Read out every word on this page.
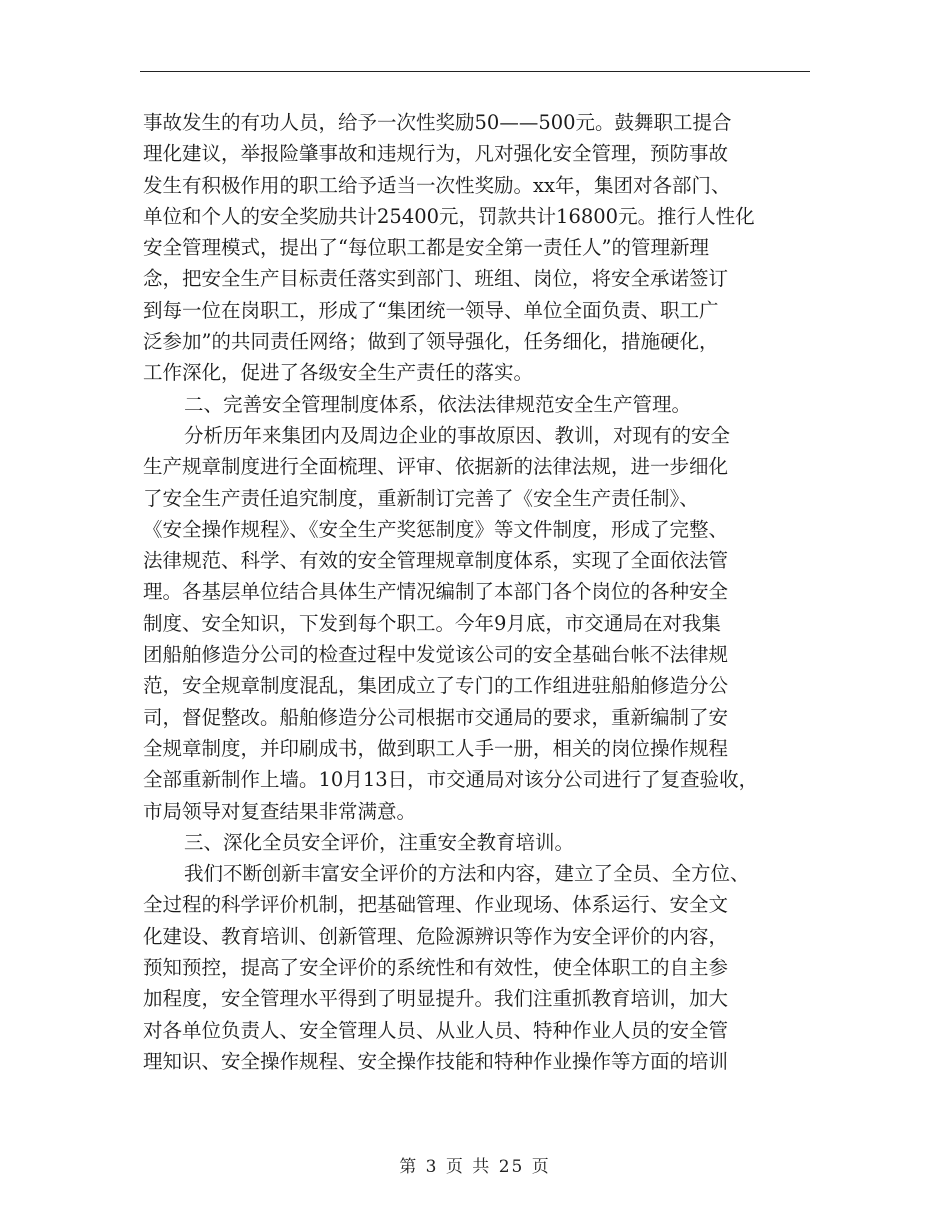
事故发生的有功人员，给予一次性奖励50——500元。鼓舞职工提合
理化建议，举报险肇事故和违规行为，凡对强化安全管理，预防事故
发生有积极作用的职工给予适当一次性奖励。xx年，集团对各部门、
单位和个人的安全奖励共计25400元，罚款共计16800元。推行人性化
安全管理模式，提出了“每位职工都是安全第一责任人”的管理新理
念，把安全生产目标责任落实到部门、班组、岗位，将安全承诺签订
到每一位在岗职工，形成了“集团统一领导、单位全面负责、职工广
泛参加”的共同责任网络；做到了领导强化，任务细化，措施硬化，
工作深化，促进了各级安全生产责任的落实。
二、完善安全管理制度体系，依法法律规范安全生产管理。
分析历年来集团内及周边企业的事故原因、教训，对现有的安全
生产规章制度进行全面梳理、评审、依据新的法律法规，进一步细化
了安全生产责任追究制度，重新制订完善了《安全生产责任制》、
《安全操作规程》、《安全生产奖惩制度》等文件制度，形成了完整、
法律规范、科学、有效的安全管理规章制度体系，实现了全面依法管
理。各基层单位结合具体生产情况编制了本部门各个岗位的各种安全
制度、安全知识，下发到每个职工。今年9月底，市交通局在对我集
团船舶修造分公司的检查过程中发觉该公司的安全基础台帐不法律规
范，安全规章制度混乱，集团成立了专门的工作组进驻船舶修造分公
司，督促整改。船舶修造分公司根据市交通局的要求，重新编制了安
全规章制度，并印刷成书，做到职工人手一册，相关的岗位操作规程
全部重新制作上墙。10月13日，市交通局对该分公司进行了复查验收，
市局领导对复查结果非常满意。
三、深化全员安全评价，注重安全教育培训。
我们不断创新丰富安全评价的方法和内容，建立了全员、全方位、
全过程的科学评价机制，把基础管理、作业现场、体系运行、安全文
化建设、教育培训、创新管理、危险源辨识等作为安全评价的内容，
预知预控，提高了安全评价的系统性和有效性，使全体职工的自主参
加程度，安全管理水平得到了明显提升。我们注重抓教育培训，加大
对各单位负责人、安全管理人员、从业人员、特种作业人员的安全管
理知识、安全操作规程、安全操作技能和特种作业操作等方面的培训
第 3 页 共 25 页
